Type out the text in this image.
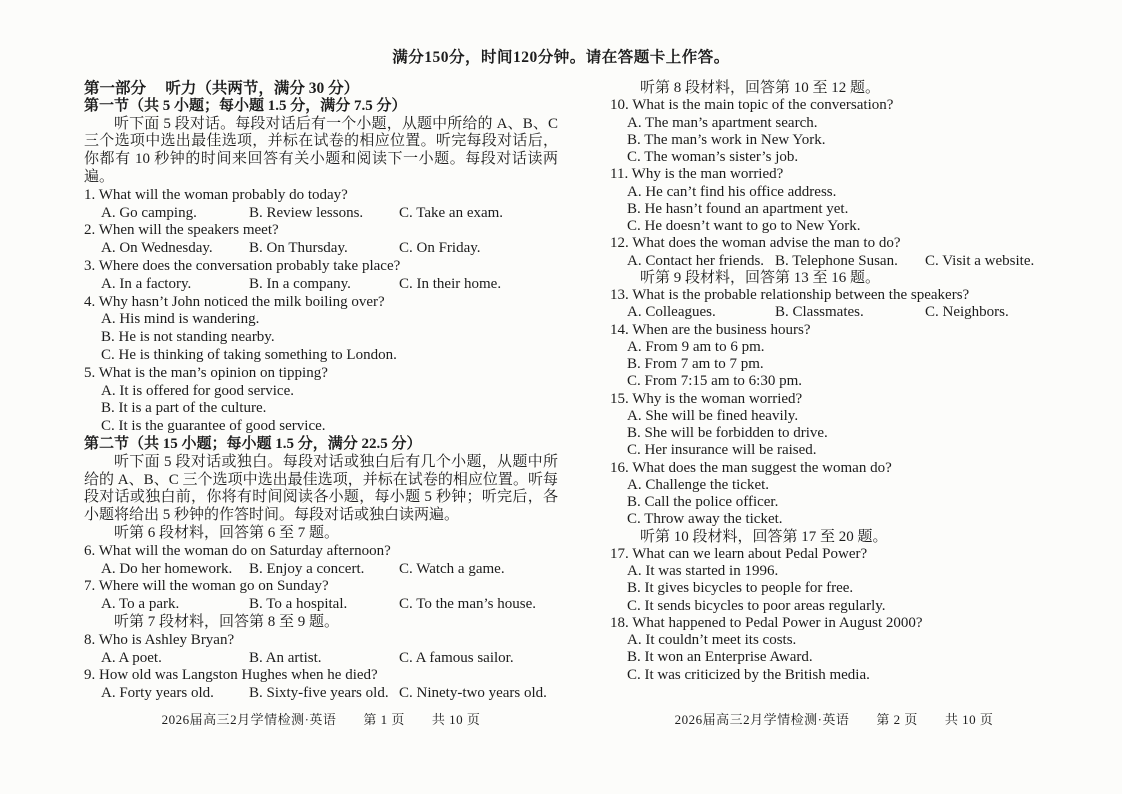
满分150分，时间120分钟。请在答题卡上作答。
第一部分　 听力（共两节，满分 30 分）
第一节（共 5 小题；每小题 1.5 分，满分 7.5 分）
听下面 5 段对话。每段对话后有一个小题，从题中所给的 A、B、C 三个选项中选出最佳选项，并标在试卷的相应位置。听完每段对话后，你都有 10 秒钟的时间来回答有关小题和阅读下一小题。每段对话读两遍。
1. What will the woman probably do today?
A. Go camping.	B. Review lessons.	C. Take an exam.
2. When will the speakers meet?
A. On Wednesday.	B. On Thursday.	C. On Friday.
3. Where does the conversation probably take place?
A. In a factory.	B. In a company.	C. In their home.
4. Why hasn’t John noticed the milk boiling over?
A. His mind is wandering.
B. He is not standing nearby.
C. He is thinking of taking something to London.
5. What is the man’s opinion on tipping?
A. It is offered for good service.
B. It is a part of the culture.
C. It is the guarantee of good service.
第二节（共 15 小题；每小题 1.5 分，满分 22.5 分）
听下面 5 段对话或独白。每段对话或独白后有几个小题，从题中所给的 A、B、C 三个选项中选出最佳选项，并标在试卷的相应位置。听每段对话或独白前，你将有时间阅读各小题，每小题 5 秒钟；听完后，各小题将给出 5 秒钟的作答时间。每段对话或独白读两遍。
听第 6 段材料，回答第 6 至 7 题。
6. What will the woman do on Saturday afternoon?
A. Do her homework.	B. Enjoy a concert.	C. Watch a game.
7. Where will the woman go on Sunday?
A. To a park.	B. To a hospital.	C. To the man’s house.
听第 7 段材料，回答第 8 至 9 题。
8. Who is Ashley Bryan?
A. A poet.	B. An artist.	C. A famous sailor.
9. How old was Langston Hughes when he died?
A. Forty years old.	B. Sixty-five years old. C. Ninety-two years old.
听第 8 段材料，回答第 10 至 12 题。
10. What is the main topic of the conversation?
A. The man’s apartment search.
B. The man’s work in New York.
C. The woman’s sister’s job.
11. Why is the man worried?
A. He can’t find his office address.
B. He hasn’t found an apartment yet.
C. He doesn’t want to go to New York.
12. What does the woman advise the man to do?
A. Contact her friends. B. Telephone Susan.	C. Visit a website.
听第 9 段材料，回答第 13 至 16 题。
13. What is the probable relationship between the speakers?
A. Colleagues.	B. Classmates.	C. Neighbors.
14. When are the business hours?
A. From 9 am to 6 pm.
B. From 7 am to 7 pm.
C. From 7:15 am to 6:30 pm.
15. Why is the woman worried?
A. She will be fined heavily.
B. She will be forbidden to drive.
C. Her insurance will be raised.
16. What does the man suggest the woman do?
A. Challenge the ticket.
B. Call the police officer.
C. Throw away the ticket.
听第 10 段材料，回答第 17 至 20 题。
17. What can we learn about Pedal Power?
A. It was started in 1996.
B. It gives bicycles to people for free.
C. It sends bicycles to poor areas regularly.
18. What happened to Pedal Power in August 2000?
A. It couldn’t meet its costs.
B. It won an Enterprise Award.
C. It was criticized by the British media.
2026届高三2月学情检测·英语　　第 1 页　　共 10 页	2026届高三2月学情检测·英语　　第 2 页　　共 10 页
